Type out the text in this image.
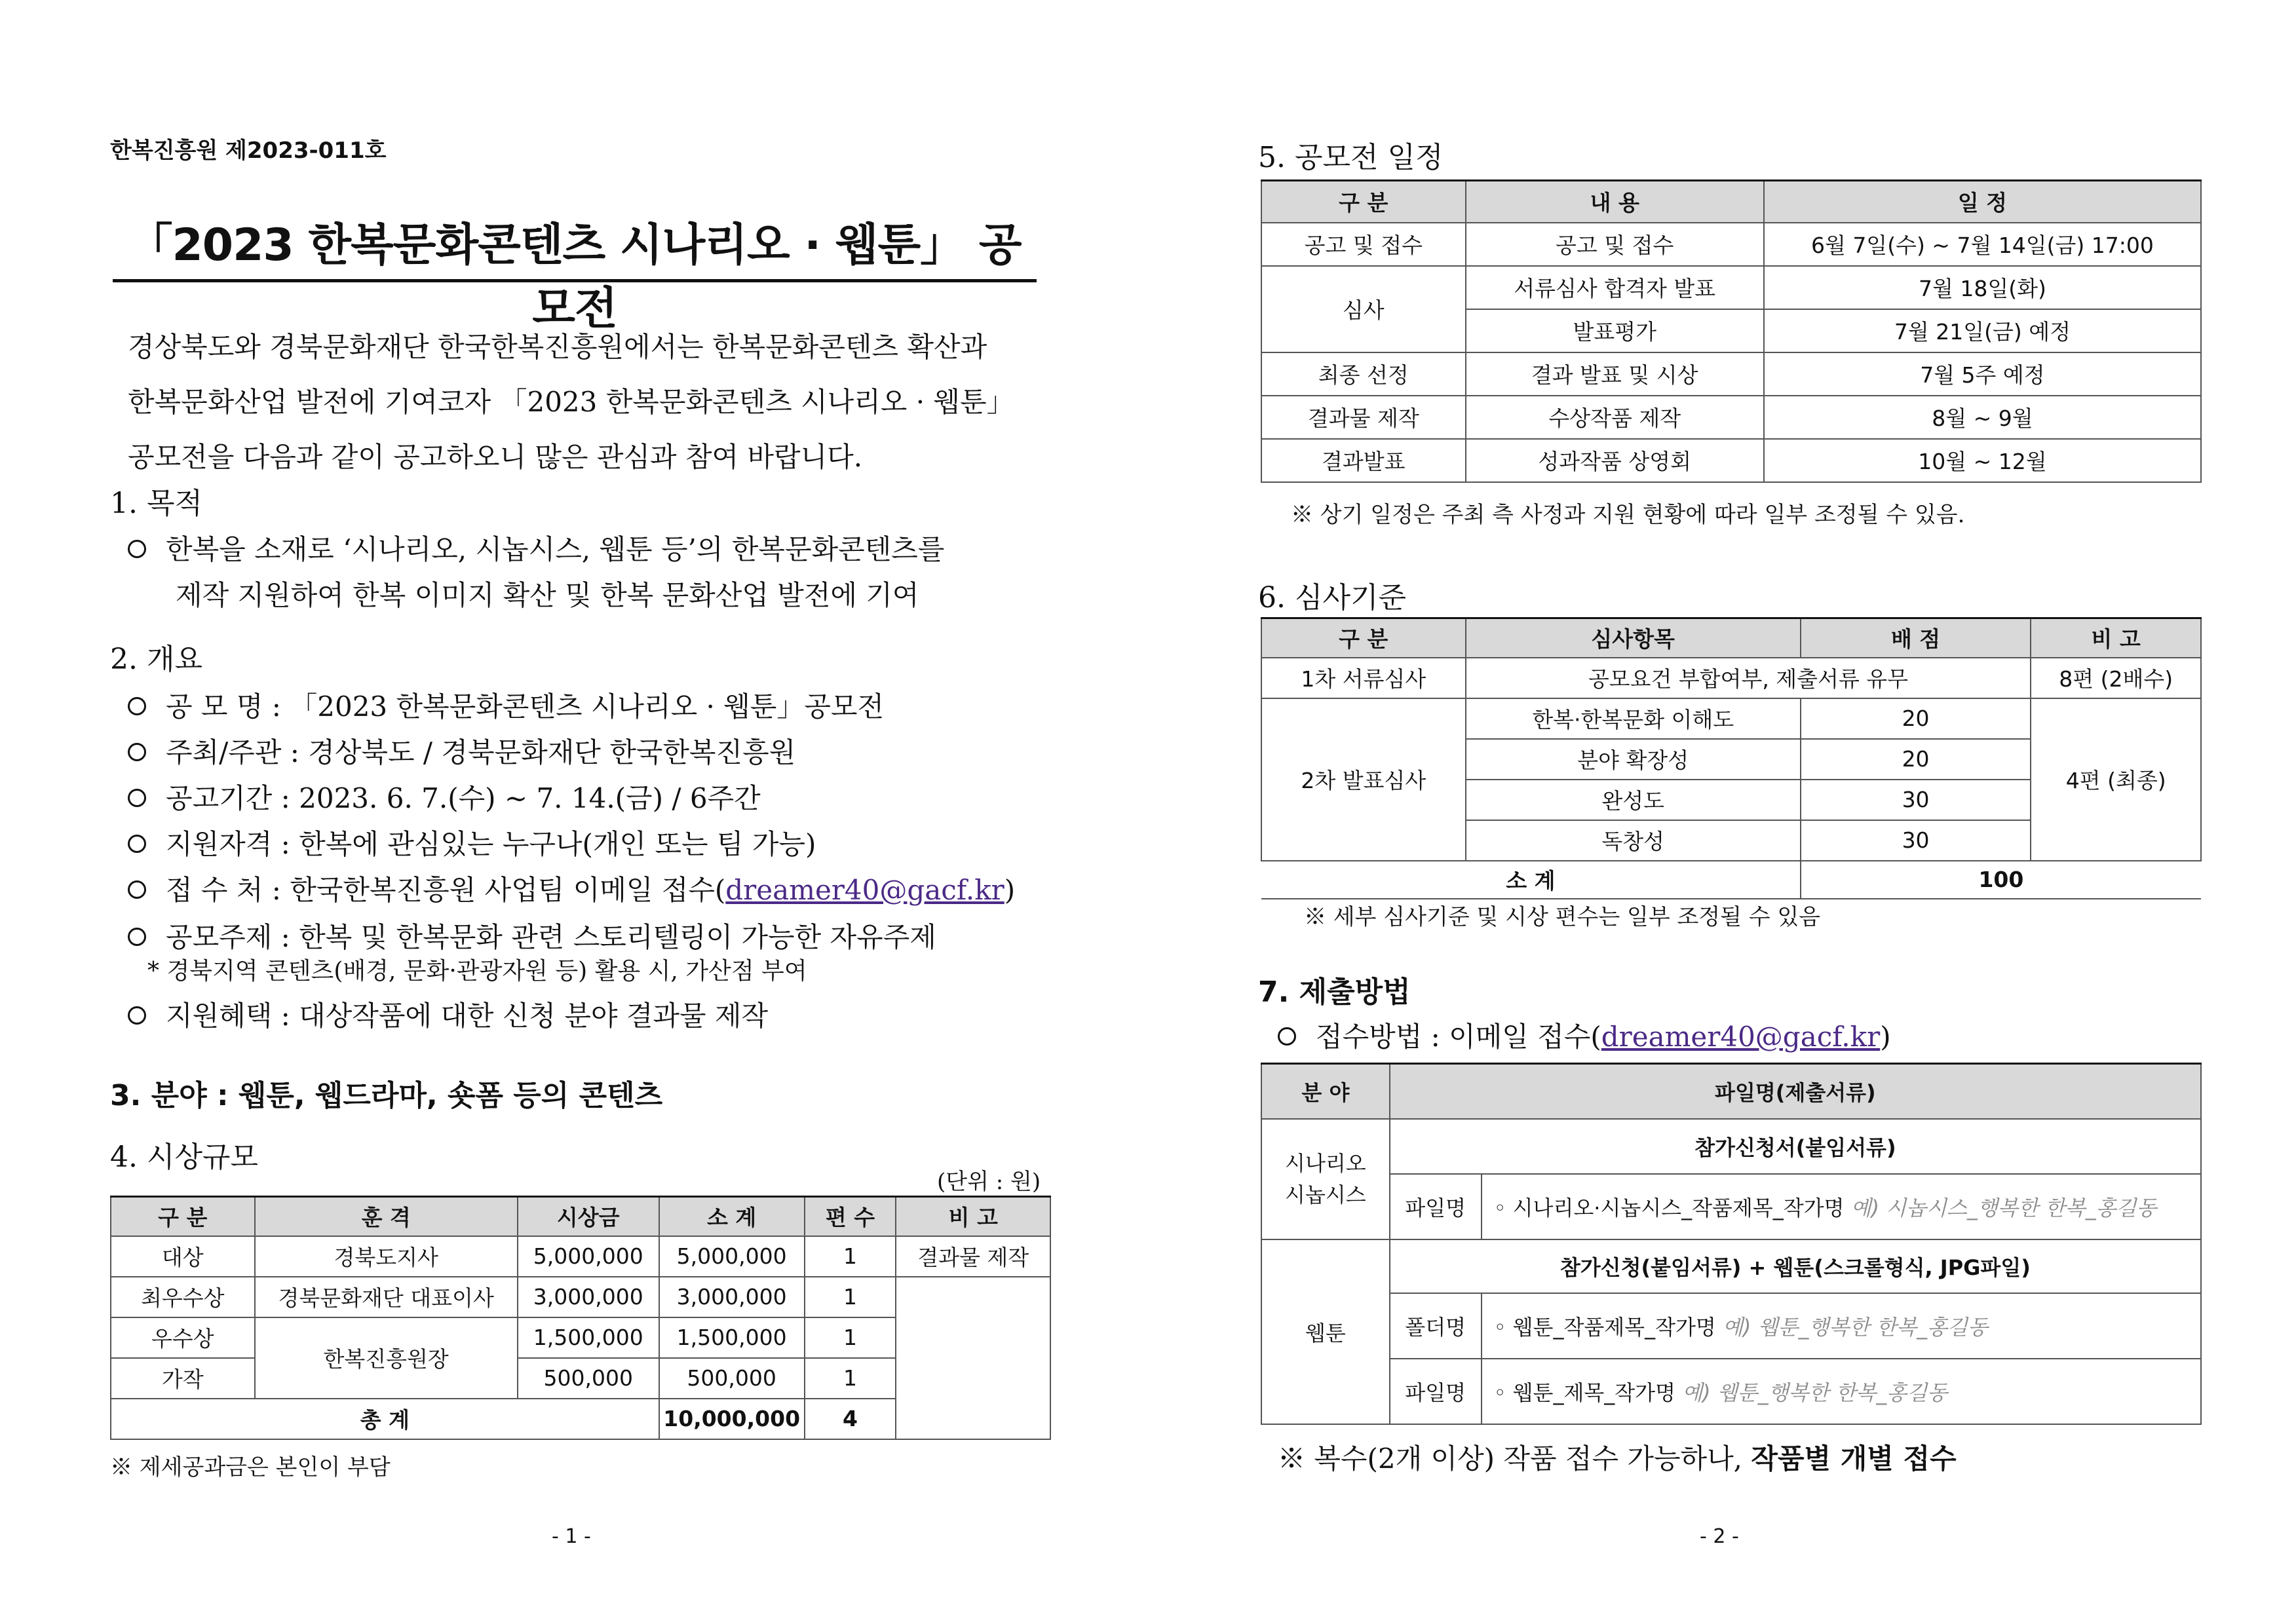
한복진흥원 제2023-011호
「2023 한복문화콘텐츠 시나리오 · 웹툰」 공모전
경상북도와 경북문화재단 한국한복진흥원에서는 한복문화콘텐츠 확산과
한복문화산업 발전에 기여코자 「2023 한복문화콘텐츠 시나리오 · 웹툰」
공모전을 다음과 같이 공고하오니 많은 관심과 참여 바랍니다.
1. 목적
한복을 소재로 ‘시나리오, 시놉시스, 웹툰 등’의 한복문화콘텐츠를
제작 지원하여 한복 이미지 확산 및 한복 문화산업 발전에 기여
2. 개요
공 모 명 : 「2023 한복문화콘텐츠 시나리오 · 웹툰」공모전
주최/주관 : 경상북도 / 경북문화재단 한국한복진흥원
공고기간 : 2023. 6. 7.(수) ~ 7. 14.(금) / 6주간
지원자격 : 한복에 관심있는 누구나(개인 또는 팀 가능)
접 수 처 : 한국한복진흥원 사업팀 이메일 접수(dreamer40@gacf.kr)
공모주제 : 한복 및 한복문화 관련 스토리텔링이 가능한 자유주제
* 경북지역 콘텐츠(배경, 문화·관광자원 등) 활용 시, 가산점 부여
지원혜택 : 대상작품에 대한 신청 분야 결과물 제작
3. 분야 : 웹툰, 웹드라마, 숏폼 등의 콘텐츠
4. 시상규모
(단위 : 원)
구 분	훈 격	시상금	소 계	편 수	비 고
대상	경북도지사	5,000,000	5,000,000	1	결과물 제작
최우수상	경북문화재단 대표이사	3,000,000	3,000,000	1	
우수상	한복진흥원장	1,500,000	1,500,000	1	
가작		500,000	500,000	1	
총 계			10,000,000	4	
※ 제세공과금은 본인이 부담
- 1 -
5. 공모전 일정
구 분	내 용	일 정
공고 및 접수	공고 및 접수	6월 7일(수) ~ 7월 14일(금) 17:00
심사	서류심사 합격자 발표	7월 18일(화)
	발표평가	7월 21일(금) 예정
최종 선정	결과 발표 및 시상	7월 5주 예정
결과물 제작	수상작품 제작	8월 ~ 9월
결과발표	성과작품 상영회	10월 ~ 12월
※ 상기 일정은 주최 측 사정과 지원 현황에 따라 일부 조정될 수 있음.
6. 심사기준
구 분	심사항목	배 점	비 고
1차 서류심사	공모요건 부합여부, 제출서류 유무		8편 (2배수)
2차 발표심사	한복·한복문화 이해도	20	4편 (최종)
	분야 확장성	20	
	완성도	30	
	독창성	30	
소 계		100	
※ 세부 심사기준 및 시상 편수는 일부 조정될 수 있음
7. 제출방법
접수방법 : 이메일 접수(dreamer40@gacf.kr)
분 야	파일명(제출서류)	
시나리오
시놉시스	참가신청서(붙임서류)	
	파일명	◦ 시나리오·시놉시스_작품제목_작가명 예) 시놉시스_행복한 한복_홍길동
웹툰	참가신청(붙임서류) + 웹툰(스크롤형식, JPG파일)	
	폴더명	◦ 웹툰_작품제목_작가명 예) 웹툰_행복한 한복_홍길동
	파일명	◦ 웹툰_제목_작가명 예) 웹툰_행복한 한복_홍길동
※ 복수(2개 이상) 작품 접수 가능하나, 작품별 개별 접수
- 2 -
